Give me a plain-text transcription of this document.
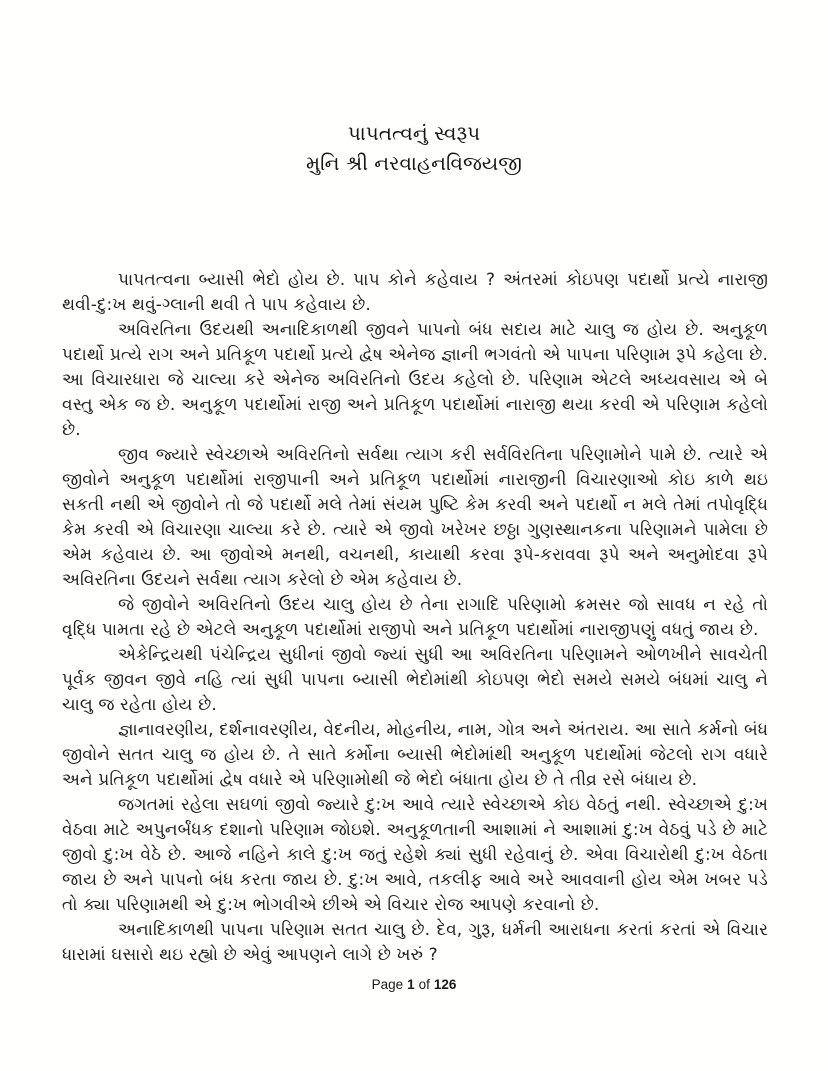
પાપતત્વનું સ્વરૂપ
મુનિ શ્રી નરવાહનવિજયજી

પાપતત્વના બ્યાસી ભેદો હોય છે. પાપ કોને કહેવાય ? અંતરમાં કોઇપણ પદાર્થો પ્રત્યે નારાજી થવી-દુ:ખ થવું-ગ્લાની થવી તે પાપ કહેવાય છે.

અવિરતિના ઉદયથી અનાદિકાળથી જીવને પાપનો બંધ સદાય માટે ચાલુ જ હોય છે. અનુકૂળ પદાર્થો પ્રત્યે રાગ અને પ્રતિકૂળ પદાર્થો પ્રત્યે દ્વેષ એનેજ જ્ઞાની ભગવંતો એ પાપના પરિણામ રૂપે કહેલા છે. આ વિચારધારા જે ચાલ્યા કરે એનેજ અવિરતિનો ઉદય કહેલો છે. પરિણામ એટલે અધ્યવસાય એ બે વસ્તુ એક જ છે. અનુકૂળ પદાર્થોમાં રાજી અને પ્રતિકૂળ પદાર્થોમાં નારાજી થયા કરવી એ પરિણામ કહેલો છે.

જીવ જ્યારે સ્વેચ્છાએ અવિરતિનો સર્વથા ત્યાગ કરી સર્વવિરતિના પરિણામોને પામે છે. ત્યારે એ જીવોને અનુકૂળ પદાર્થોમાં રાજીપાની અને પ્રતિકૂળ પદાર્થોમાં નારાજીની વિચારણાઓ કોઇ કાળે થઇ સકતી નથી એ જીવોને તો જે પદાર્થો મલે તેમાં સંયમ પુષ્ટિ કેમ કરવી અને પદાર્થો ન મલે તેમાં તપોવૃદ્ધિ કેમ કરવી એ વિચારણા ચાલ્યા કરે છે. ત્યારે એ જીવો ખરેખર છઠ્ઠા ગુણસ્થાનકના પરિણામને પામેલા છે એમ કહેવાય છે. આ જીવોએ મનથી, વચનથી, કાયાથી કરવા રૂપે-કરાવવા રૂપે અને અનુમોદવા રૂપે અવિરતિના ઉદયને સર્વથા ત્યાગ કરેલો છે એમ કહેવાય છે.

જે જીવોને અવિરતિનો ઉદય ચાલુ હોય છે તેના રાગાદિ પરિણામો ક્રમસર જો સાવધ ન રહે તો વૃદ્ધિ પામતા રહે છે એટલે અનુકૂળ પદાર્થોમાં રાજીપો અને પ્રતિકૂળ પદાર્થોમાં નારાજીપણું વધતું જાય છે.

એકેન્દ્રિયથી પંચેન્દ્રિય સુધીનાં જીવો જ્યાં સુધી આ અવિરતિના પરિણામને ઓળખીને સાવચેતી પૂર્વક જીવન જીવે નહિ ત્યાં સુધી પાપના બ્યાસી ભેદોમાંથી કોઇપણ ભેદો સમયે સમયે બંધમાં ચાલુ ને ચાલુ જ રહેતા હોય છે.

જ્ઞાનાવરણીય, દર્શનાવરણીય, વેદનીય, મોહનીય, નામ, ગોત્ર અને અંતરાય. આ સાતે કર્મનો બંધ જીવોને સતત ચાલુ જ હોય છે. તે સાતે કર્મોના બ્યાસી ભેદોમાંથી અનુકૂળ પદાર્થોમાં જેટલો રાગ વધારે અને પ્રતિકૂળ પદાર્થોમાં દ્વેષ વધારે એ પરિણામોથી જે ભેદો બંધાતા હોય છે તે તીવ્ર રસે બંધાય છે.

જગતમાં રહેલા સઘળાં જીવો જ્યારે દુ:ખ આવે ત્યારે સ્વેચ્છાએ કોઇ વેઠતું નથી. સ્વેચ્છાએ દુ:ખ વેઠવા માટે અપુનર્બંધક દશાનો પરિણામ જોઇશે. અનુકૂળતાની આશામાં ને આશામાં દુ:ખ વેઠવું પડે છે માટે જીવો દુ:ખ વેઠે છે. આજે નહિને કાલે દુ:ખ જતું રહેશે ક્યાં સુધી રહેવાનું છે. એવા વિચારોથી દુ:ખ વેઠતા જાય છે અને પાપનો બંધ કરતા જાય છે. દુ:ખ આવે, તકલીફ આવે અરે આવવાની હોય એમ ખબર પડે તો ક્યા પરિણામથી એ દુ:ખ ભોગવીએ છીએ એ વિચાર રોજ આપણે કરવાનો છે.

અનાદિકાળથી પાપના પરિણામ સતત ચાલુ છે. દેવ, ગુરૂ, ધર્મની આરાધના કરતાં કરતાં એ વિચાર ધારામાં ઘસારો થઇ રહ્યો છે એવું આપણને લાગે છે ખરું ?

Page 1 of 126
